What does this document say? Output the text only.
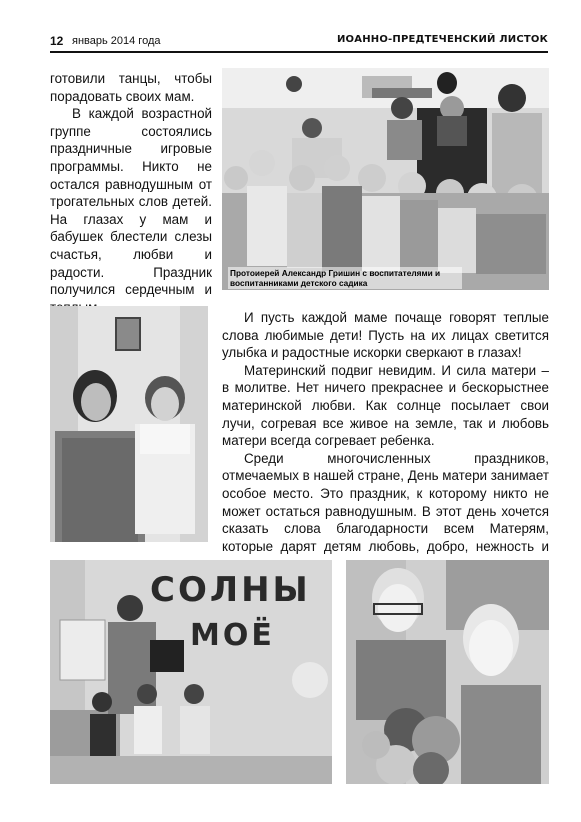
12 январь 2014 года	ИОАННО-ПРЕДТЕЧЕНСКИЙ ЛИСТОК

готовили танцы, чтобы порадовать своих мам.

В каждой возрастной группе состоялись праздничные игровые программы. Никто не остался равнодушным от трогательных слов детей. На глазах у мам и бабушек блестели слезы счастья, любви и радости. Праздник получился сердечным и

Протоиерей Александр Гришин с воспитателями и воспитанниками детского садика

И пусть каждой маме почаще говорят теплые слова любимые дети! Пусть на их лицах светится улыбка и радостные искорки сверкают в глазах!

Материнский подвиг невидим. И сила матери – в молитве. Нет ничего прекраснее и бескорыстнее материнской любви. Как солнце посылает свои лучи, согревая все живое на земле, так и любовь матери всегда согревает ребенка.

Среди многочисленных праздников, отмечаемых в нашей стране, День матери занимает особое место. Это праздник, к которому никто не может остаться равнодушным. В этот день хочется сказать слова благодарности всем Матерям, которые дарят детям любовь, добро, нежность и

СОЛНЫ
МОЁ
